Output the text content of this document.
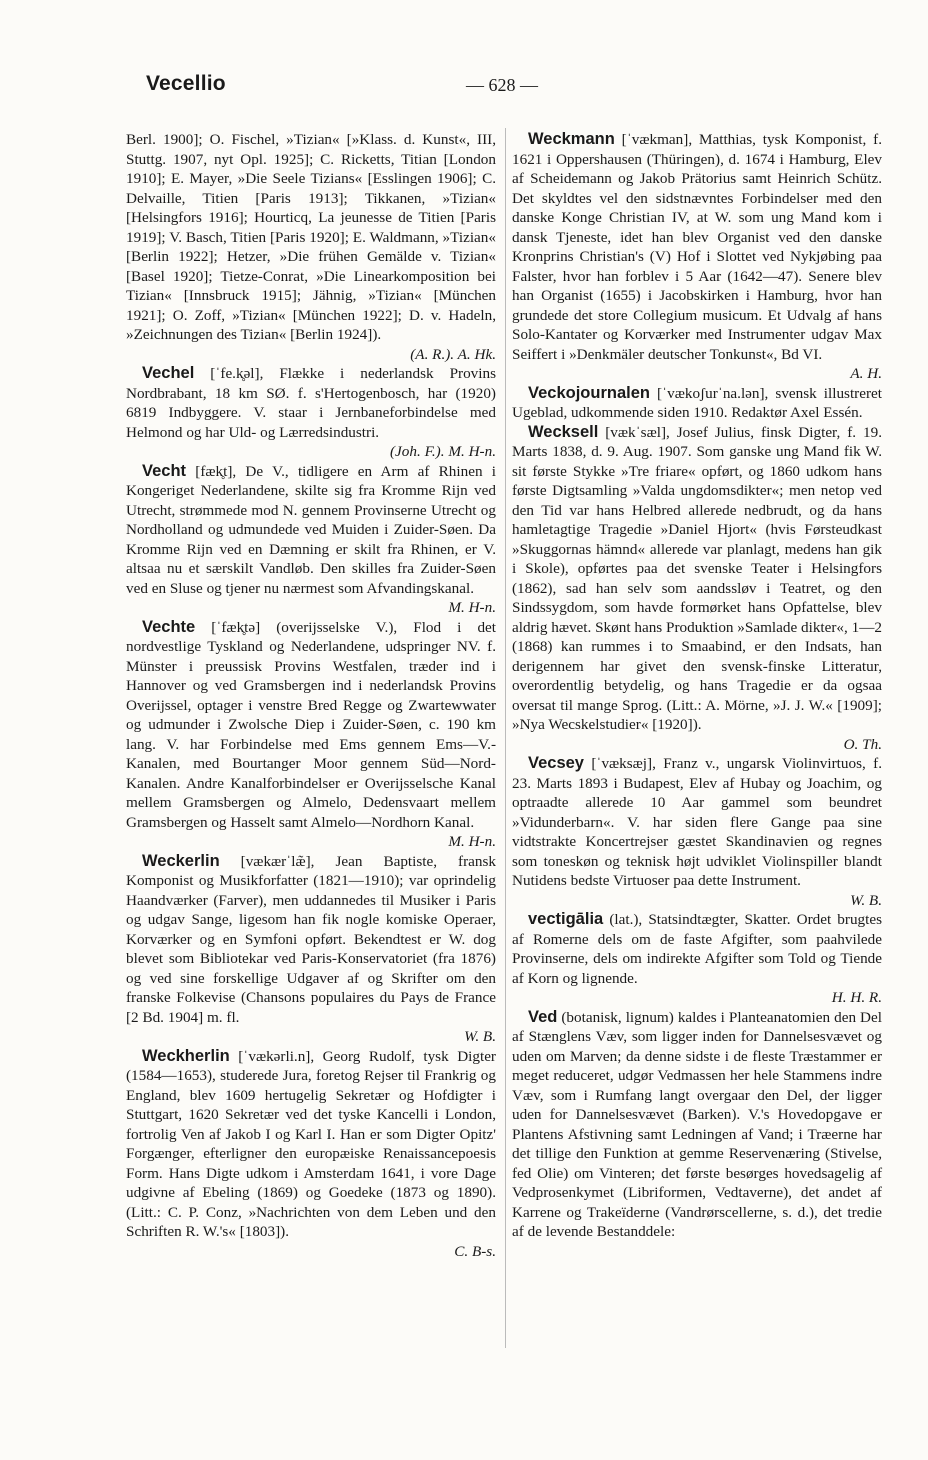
Vecellio	— 628 —

Berl. 1900]; O. Fischel, »Tizian« [»Klass. d. Kunst«, III, Stuttg. 1907, nyt Opl. 1925]; C. Ricketts, Titian [London 1910]; E. Mayer, »Die Seele Tizians« [Esslingen 1906]; C. Delvaille, Titien [Paris 1913]; Tikkanen, »Tizian« [Helsingfors 1916]; Hourticq, La jeunesse de Titien [Paris 1919]; V. Basch, Titien [Paris 1920]; E. Waldmann, »Tizian« [Berlin 1922]; Hetzer, »Die frühen Gemälde v. Tizian« [Basel 1920]; Tietze-Conrat, »Die Linearkomposition bei Tizian« [Innsbruck 1915]; Jähnig, »Tizian« [München 1921]; O. Zoff, »Tizian« [München 1922]; D. v. Hadeln, »Zeichnungen des Tizian« [Berlin 1924]).
(A. R.). A. Hk.

Vechel [ˈfe.k̥əl], Flække i nederlandsk Provins Nordbrabant, 18 km SØ. f. s'Hertogenbosch, har (1920) 6819 Indbyggere. V. staar i Jernbaneforbindelse med Helmond og har Uld- og Lærredsindustri.
(Joh. F.). M. H-n.

Vecht [fæk̥t], De V., tidligere en Arm af Rhinen i Kongeriget Nederlandene, skilte sig fra Kromme Rijn ved Utrecht, strømmede mod N. gennem Provinserne Utrecht og Nordholland og udmundede ved Muiden i Zuider-Søen. Da Kromme Rijn ved en Dæmning er skilt fra Rhinen, er V. altsaa nu et særskilt Vandløb. Den skilles fra Zuider-Søen ved en Sluse og tjener nu nærmest som Afvandingskanal.
M. H-n.

Vechte [ˈfæk̥tə] (overijsselske V.), Flod i det nordvestlige Tyskland og Nederlandene, udspringer NV. f. Münster i preussisk Provins Westfalen, træder ind i Hannover og ved Gramsbergen ind i nederlandsk Provins Overijssel, optager i venstre Bred Regge og Zwartewwater og udmunder i Zwolsche Diep i Zuider-Søen, c. 190 km lang. V. har Forbindelse med Ems gennem Ems—V.-Kanalen, med Bourtanger Moor gennem Süd—Nord-Kanalen. Andre Kanalforbindelser er Overijsselsche Kanal mellem Gramsbergen og Almelo, Dedensvaart mellem Gramsbergen og Hasselt samt Almelo—Nordhorn Kanal.
M. H-n.

Weckerlin [vækærˈlæ̃], Jean Baptiste, fransk Komponist og Musikforfatter (1821—1910); var oprindelig Haandværker (Farver), men uddannedes til Musiker i Paris og udgav Sange, ligesom han fik nogle komiske Operaer, Korværker og en Symfoni opført. Bekendtest er W. dog blevet som Bibliotekar ved Paris-Konservatoriet (fra 1876) og ved sine forskellige Udgaver af og Skrifter om den franske Folkevise (Chansons populaires du Pays de France [2 Bd. 1904] m. fl.
W. B.

Weckherlin [ˈvækərli.n], Georg Rudolf, tysk Digter (1584—1653), studerede Jura, foretog Rejser til Frankrig og England, blev 1609 hertugelig Sekretær og Hofdigter i Stuttgart, 1620 Sekretær ved det tyske Kancelli i London, fortrolig Ven af Jakob I og Karl I. Han er som Digter Opitz' Forgænger, efterligner den europæiske Renaissancepoesis Form. Hans Digte udkom i Amsterdam 1641, i vore Dage udgivne af Ebeling (1869) og Goedeke (1873 og 1890). (Litt.: C. P. Conz, »Nachrichten von dem Leben und den Schriften R. W.'s« [1803]).
C. B-s.

Weckmann [ˈvækman], Matthias, tysk Komponist, f. 1621 i Oppershausen (Thüringen), d. 1674 i Hamburg, Elev af Scheidemann og Jakob Prätorius samt Heinrich Schütz. Det skyldtes vel den sidstnævntes Forbindelser med den danske Konge Christian IV, at W. som ung Mand kom i dansk Tjeneste, idet han blev Organist ved den danske Kronprins Christian's (V) Hof i Slottet ved Nykjøbing paa Falster, hvor han forblev i 5 Aar (1642—47). Senere blev han Organist (1655) i Jacobskirken i Hamburg, hvor han grundede det store Collegium musicum. Et Udvalg af hans Solo-Kantater og Korværker med Instrumenter udgav Max Seiffert i »Denkmäler deutscher Tonkunst«, Bd VI.
A. H.

Veckojournalen [ˈvækoʃurˈna.lən], svensk illustreret Ugeblad, udkommende siden 1910. Redaktør Axel Essén.

Wecksell [vækˈsæl], Josef Julius, finsk Digter, f. 19. Marts 1838, d. 9. Aug. 1907. Som ganske ung Mand fik W. sit første Stykke »Tre friare« opført, og 1860 udkom hans første Digtsamling »Valda ungdomsdikter«; men netop ved den Tid var hans Helbred allerede nedbrudt, og da hans hamletagtige Tragedie »Daniel Hjort« (hvis Førsteudkast »Skuggornas hämnd« allerede var planlagt, medens han gik i Skole), opførtes paa det svenske Teater i Helsingfors (1862), sad han selv som aandssløv i Teatret, og den Sindssygdom, som havde formørket hans Opfattelse, blev aldrig hævet. Skønt hans Produktion »Samlade dikter«, 1—2 (1868) kan rummes i to Smaabind, er den Indsats, han derigennem har givet den svensk-finske Litteratur, overordentlig betydelig, og hans Tragedie er da ogsaa oversat til mange Sprog. (Litt.: A. Mörne, »J. J. W.« [1909]; »Nya Wecskelstudier« [1920]).
O. Th.

Vecsey [ˈvæksæj], Franz v., ungarsk Violinvirtuos, f. 23. Marts 1893 i Budapest, Elev af Hubay og Joachim, og optraadte allerede 10 Aar gammel som beundret »Vidunderbarn«. V. har siden flere Gange paa sine vidtstrakte Koncertrejser gæstet Skandinavien og regnes som toneskøn og teknisk højt udviklet Violinspiller blandt Nutidens bedste Virtuoser paa dette Instrument.
W. B.

vectigālia (lat.), Statsindtægter, Skatter. Ordet brugtes af Romerne dels om de faste Afgifter, som paahvilede Provinserne, dels om indirekte Afgifter som Told og Tiende af Korn og lignende.
H. H. R.

Ved (botanisk, lignum) kaldes i Planteanatomien den Del af Stænglens Væv, som ligger inden for Dannelsesvævet og uden om Marven; da denne sidste i de fleste Træstammer er meget reduceret, udgør Vedmassen her hele Stammens indre Væv, som i Rumfang langt overgaar den Del, der ligger uden for Dannelsesvævet (Barken). V.'s Hovedopgave er Plantens Afstivning samt Ledningen af Vand; i Træerne har det tillige den Funktion at gemme Reservenæring (Stivelse, fed Olie) om Vinteren; det første besørges hovedsagelig af Vedprosenkymet (Libriformen, Vedtaverne), det andet af Karrene og Trakeïderne (Vandrørscellerne, s. d.), det tredie af de levende Bestanddele:
